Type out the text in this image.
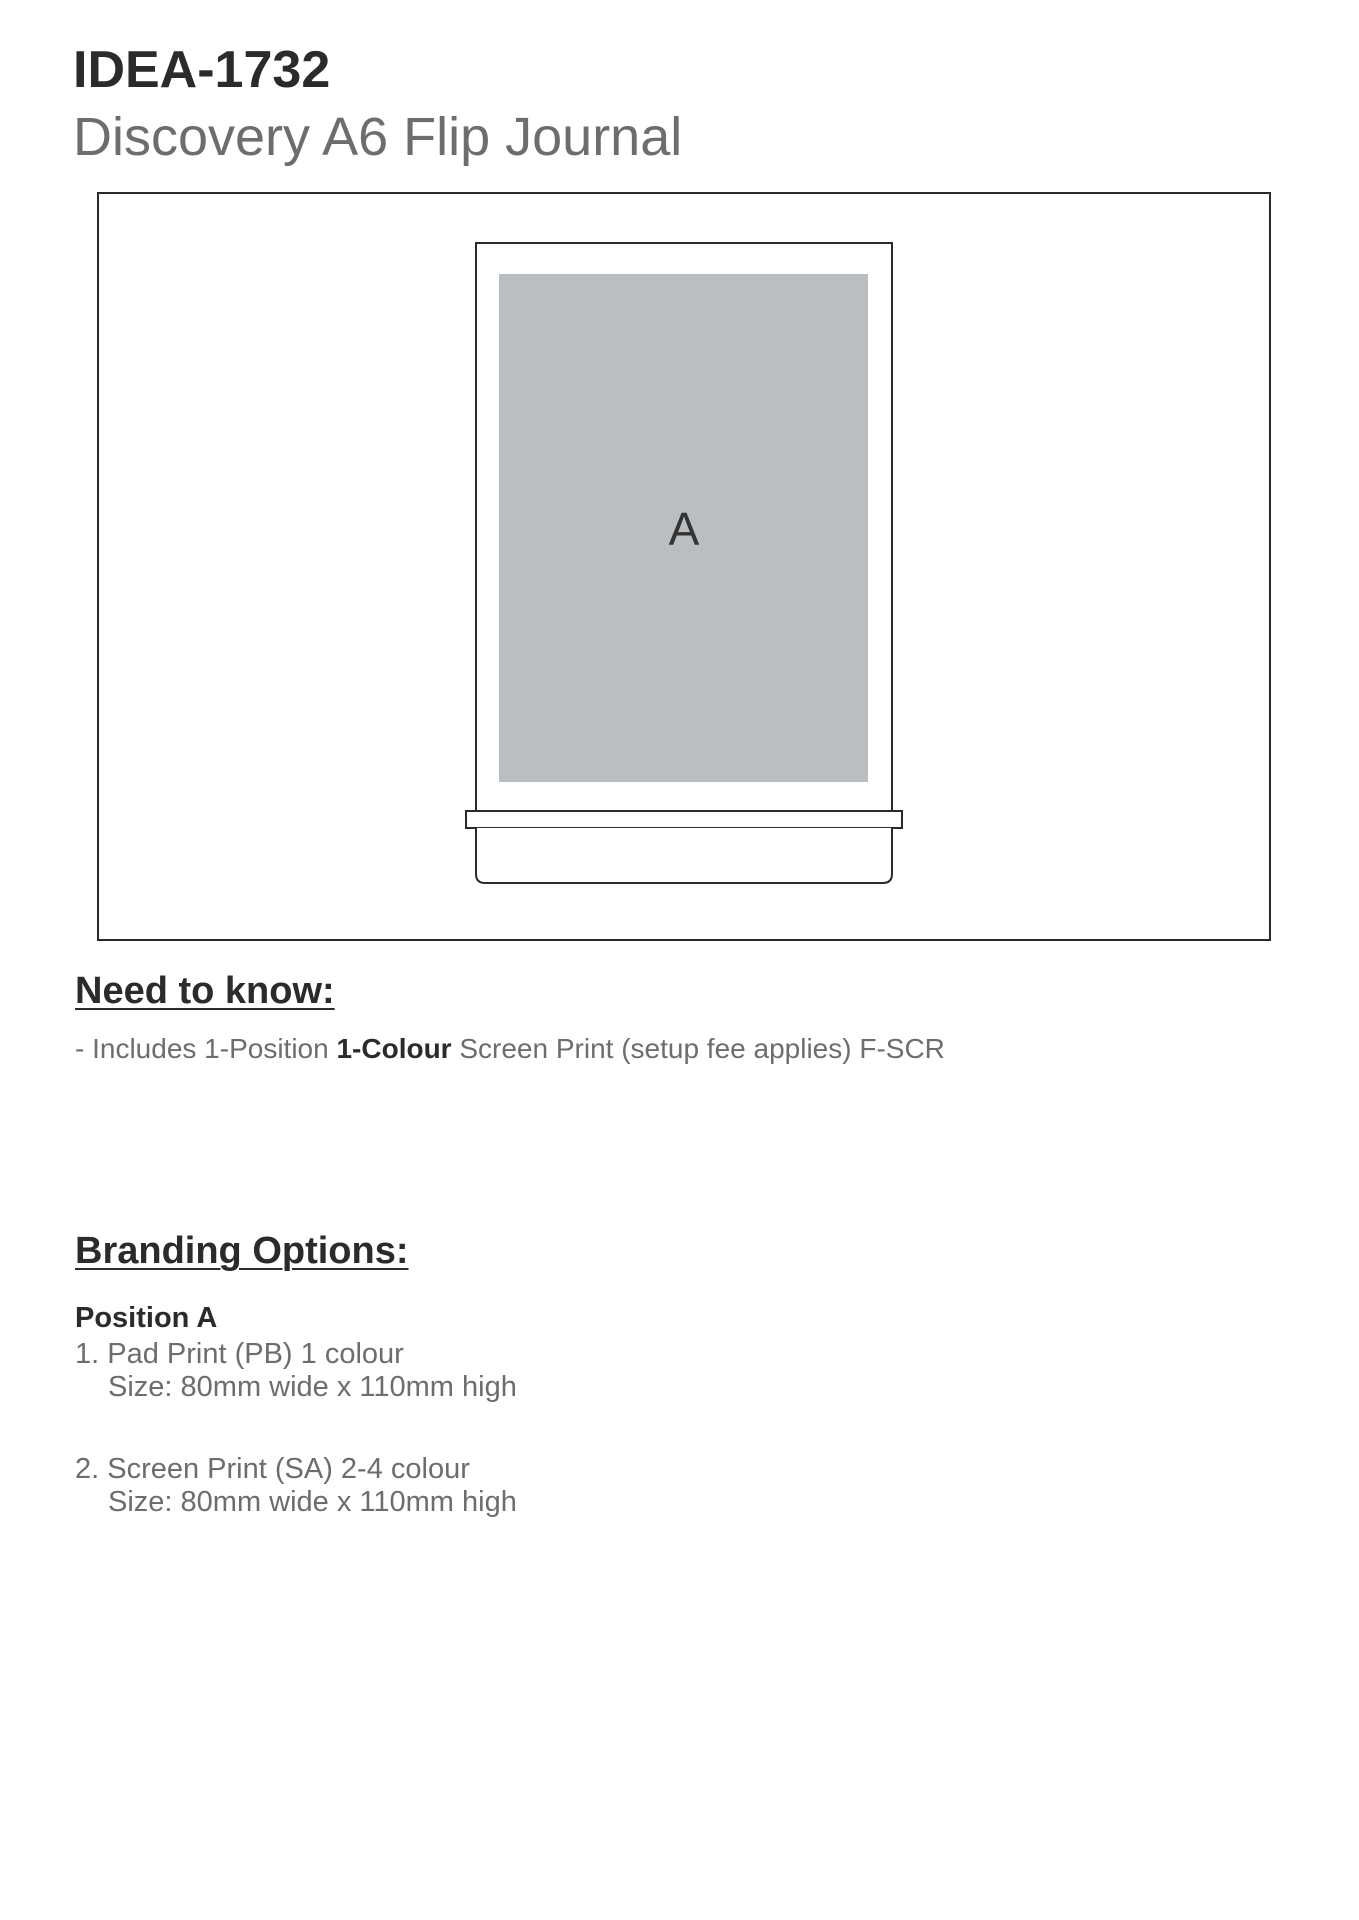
IDEA-1732
Discovery A6 Flip Journal
A
Need to know:
- Includes 1-Position 1-Colour Screen Print (setup fee applies) F-SCR
Branding Options:
Position A
1. Pad Print (PB) 1 colour
Size: 80mm wide x 110mm high
2. Screen Print (SA) 2-4 colour
Size: 80mm wide x 110mm high
